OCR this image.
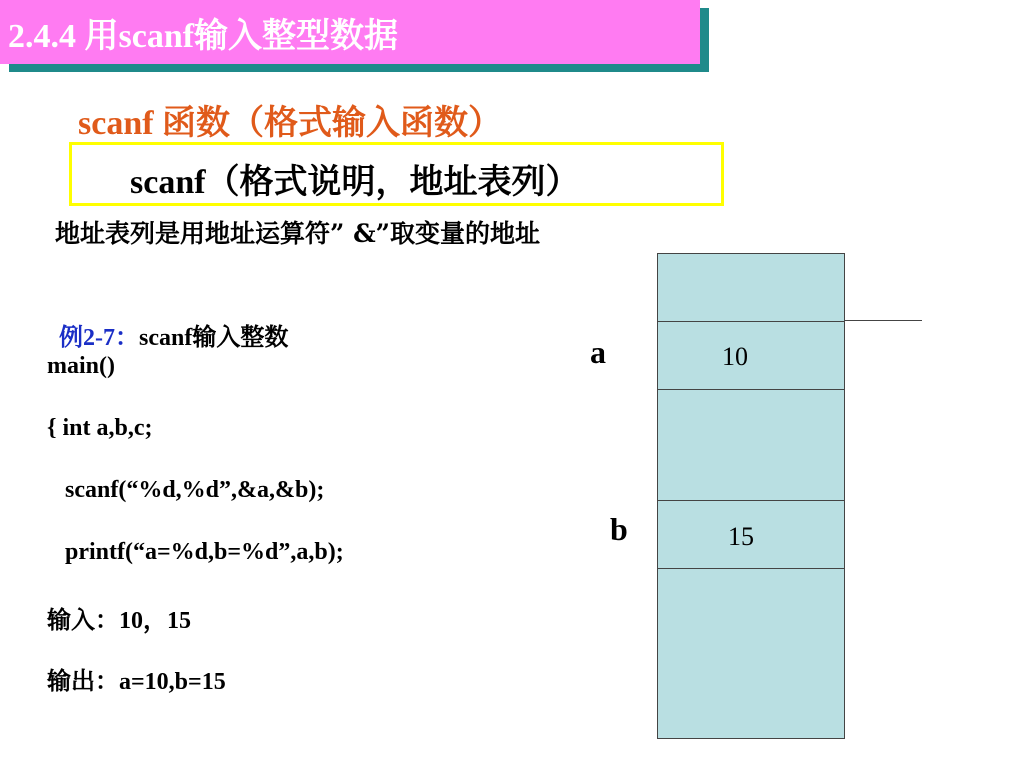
2.4.4 用scanf输入整型数据
scanf 函数（格式输入函数）
scanf（格式说明，地址表列）
地址表列是用地址运算符” &”取变量的地址

例2-7：scanf输入整数

main()
{ int a,b,c;
scanf(“%d,%d”,&a,&b);
printf(“a=%d,b=%d”,a,b);
输入：10，15
输出：a=10,b=15
10
15
a
b
